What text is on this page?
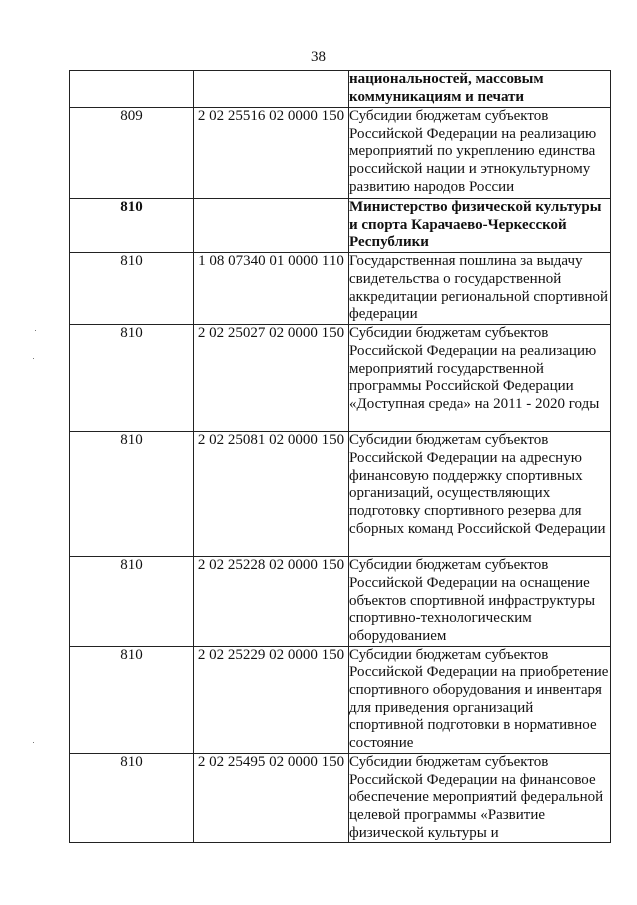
38
		национальностей, массовым коммуникациям и печати
809	2 02 25516 02 0000 150	Субсидии бюджетам субъектов Российской Федерации на реализацию мероприятий по укреплению единства российской нации и этнокультурному развитию народов России
810		Министерство физической культуры и спорта Карачаево-Черкесской Республики
810	1 08 07340 01 0000 110	Государственная пошлина за выдачу свидетельства о государственной аккредитации региональной спортивной федерации
810	2 02 25027 02 0000 150	Субсидии бюджетам субъектов Российской Федерации на реализацию мероприятий государственной программы Российской Федерации «Доступная среда» на 2011 - 2020 годы
810	2 02 25081 02 0000 150	Субсидии бюджетам субъектов Российской Федерации на адресную финансовую поддержку спортивных организаций, осуществляющих подготовку спортивного резерва для сборных команд Российской Федерации
810	2 02 25228 02 0000 150	Субсидии бюджетам субъектов Российской Федерации на оснащение объектов спортивной инфраструктуры спортивно-технологическим оборудованием
810	2 02 25229 02 0000 150	Субсидии бюджетам субъектов Российской Федерации на приобретение спортивного оборудования и инвентаря для приведения организаций спортивной подготовки в нормативное состояние
810	2 02 25495 02 0000 150	Субсидии бюджетам субъектов Российской Федерации на финансовое обеспечение мероприятий федеральной целевой программы «Развитие физической культуры и
